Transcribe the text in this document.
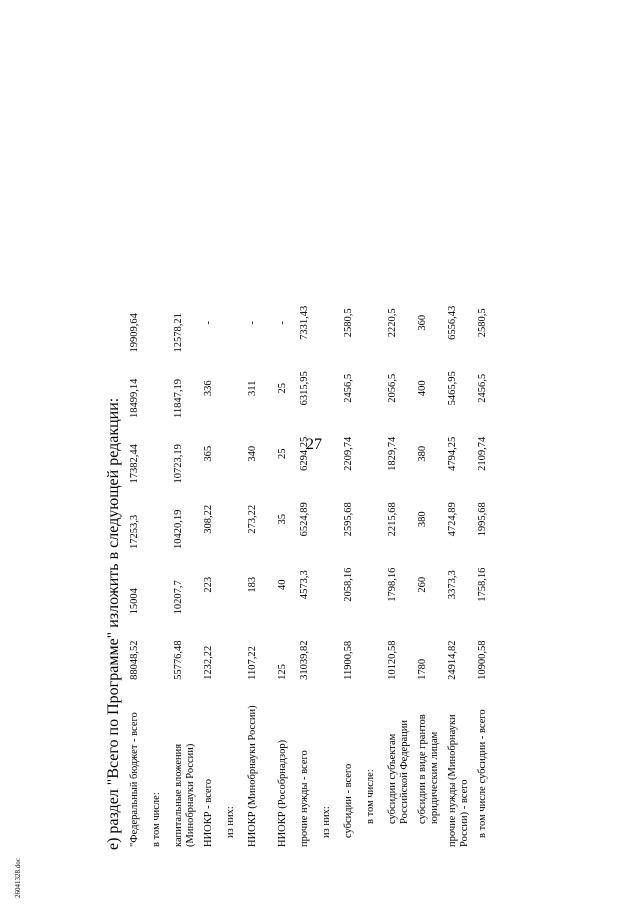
27
е) раздел "Всего по Программе" изложить в следующей редакции: "Федеральный бюджет - всего	88048,52	15004	17253,3	17382,44	18499,14	19909,64
в том числе:						
капитальные вложения (Минобрнауки России)	55776,48	10207,7	10420,19	10723,19	11847,19	12578,21
НИОКР - всего	1232,22	223	308,22	365	336	-
из них:						
НИОКР (Минобрнауки России)	1107,22	183	273,22	340	311	-
НИОКР (Рособрнадзор)	125	40	35	25	25	-
прочие нужды - всего	31039,82	4573,3	6524,89	6294,25	6315,95	7331,43
из них:						
субсидии - всего	11900,58	2058,16	2595,68	2209,74	2456,5	2580,5
в том числе:						
субсидии субъектам Российской Федерации	10120,58	1798,16	2215,68	1829,74	2056,5	2220,5
субсидии в виде грантов юридическим лицам	1780	260	380	380	400	360
прочие нужды (Минобрнауки России) - всего	24914,82	3373,3	4724,89	4794,25	5465,95	6556,43
в том числе субсидии - всего	10900,58	1758,16	1995,68	2109,74	2456,5	2580,5
26041328.doc
